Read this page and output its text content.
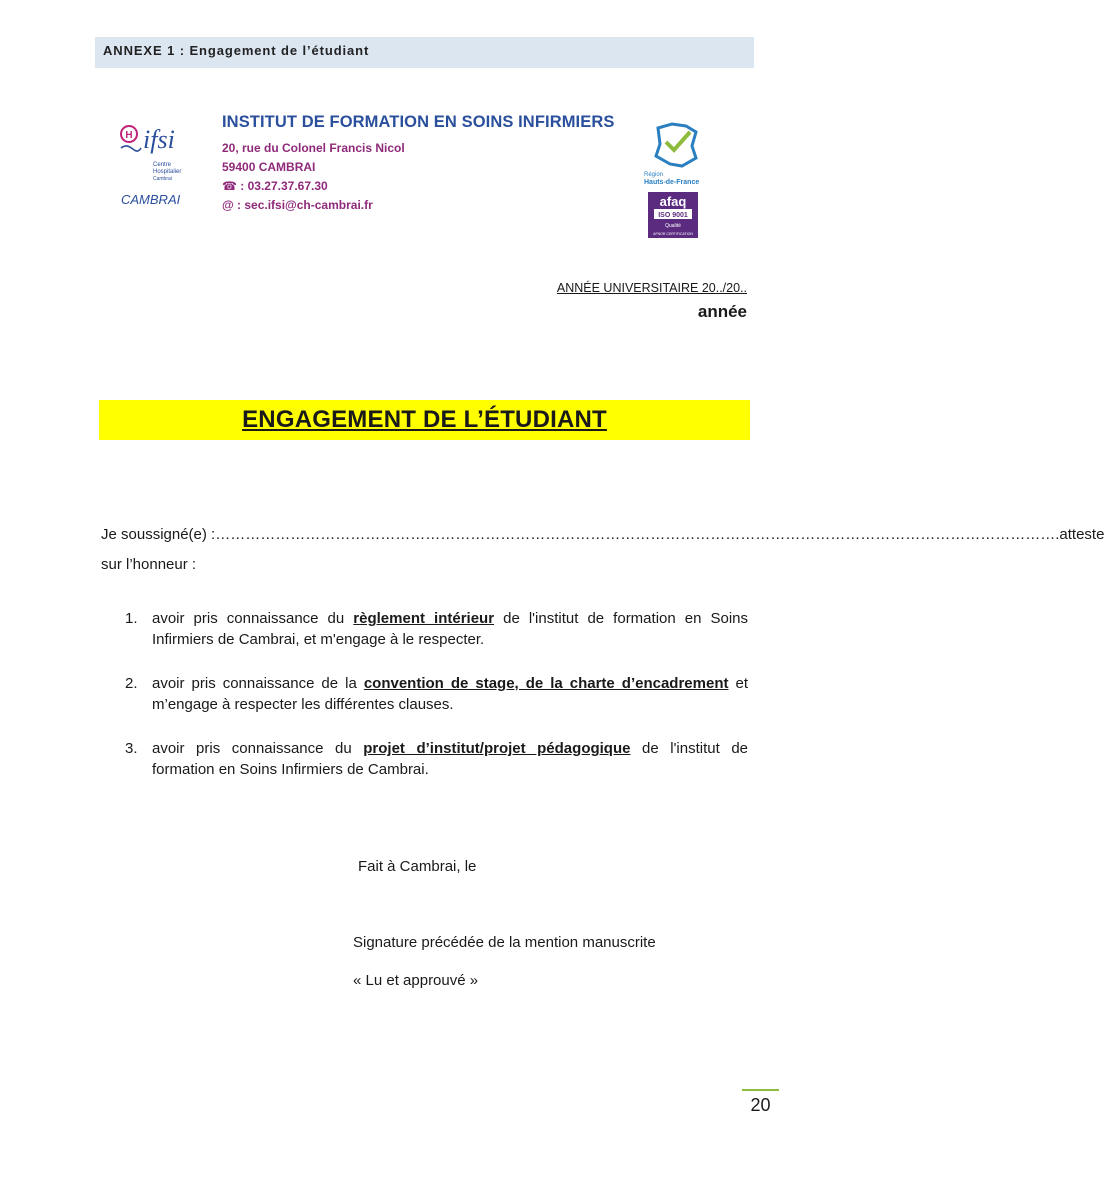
ANNEXE 1 : Engagement de l’étudiant
H ifsi
Centre
Hospitalier
Cambrai
CAMBRAI
INSTITUT DE FORMATION EN SOINS INFIRMIERS
20, rue du Colonel Francis Nicol
59400 CAMBRAI
☎ : 03.27.37.67.30
@ : sec.ifsi@ch-cambrai.fr
Région
Hauts-de-France
afaq
ISO 9001
Qualité
AFNOR CERTIFICATION
ANNÉE UNIVERSITAIRE 20../20..
année
ENGAGEMENT DE L’ÉTUDIANT
Je soussigné(e) : …………………………………………………………………………………………………………………………………………………… .atteste
sur l’honneur :
1. avoir pris connaissance du règlement intérieur de l'institut de formation en Soins Infirmiers de Cambrai, et m'engage à le respecter.
2. avoir pris connaissance de la convention de stage, de la charte d’encadrement et m’engage à respecter les différentes clauses.
3. avoir pris connaissance du projet d’institut/projet pédagogique de l'institut de formation en Soins Infirmiers de Cambrai.
Fait à Cambrai, le
Signature précédée de la mention manuscrite
« Lu et approuvé »
20
